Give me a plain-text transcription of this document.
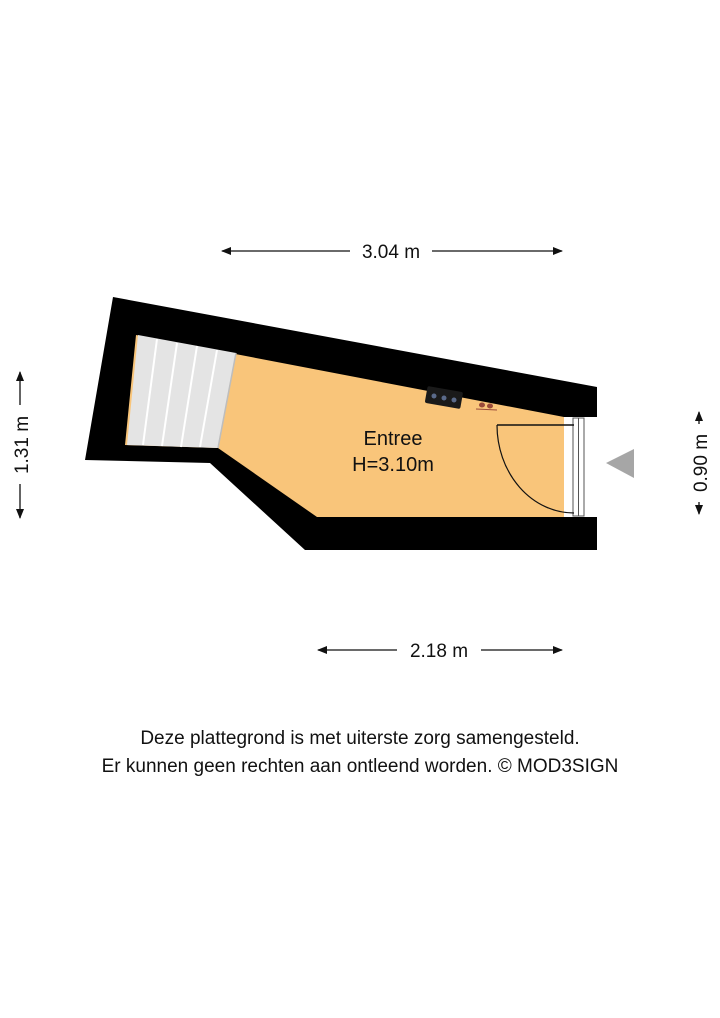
Entree
H=3.10m
3.04 m
2.18 m
1.31 m	0.90 m
Deze plattegrond is met uiterste zorg samengesteld.
Er kunnen geen rechten aan ontleend worden. © MOD3SIGN
